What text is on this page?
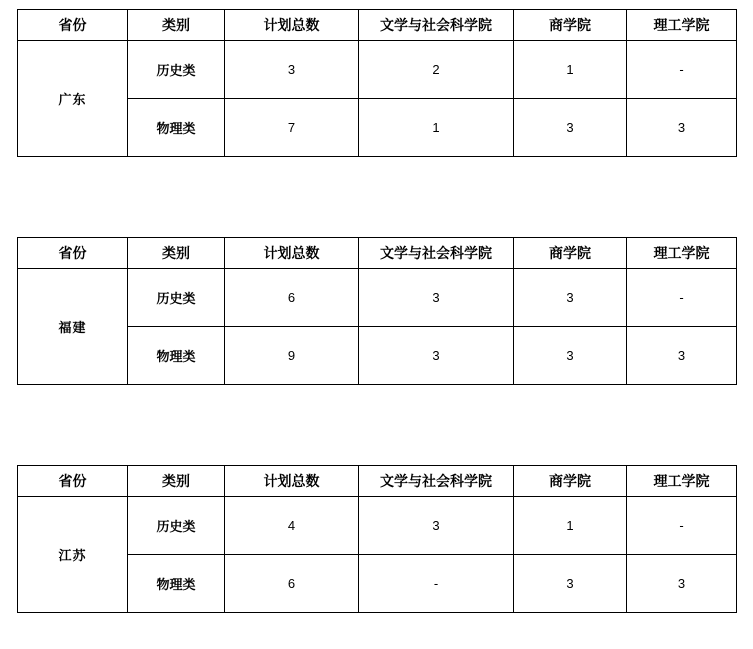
省份	类别	计划总数	文学与社会科学院	商学院	理工学院
广东	历史类	3	2	1	-
	物理类	7	1	3	3
省份	类别	计划总数	文学与社会科学院	商学院	理工学院
福建	历史类	6	3	3	-
	物理类	9	3	3	3
省份	类别	计划总数	文学与社会科学院	商学院	理工学院
江苏	历史类	4	3	1	-
	物理类	6	-	3	3
